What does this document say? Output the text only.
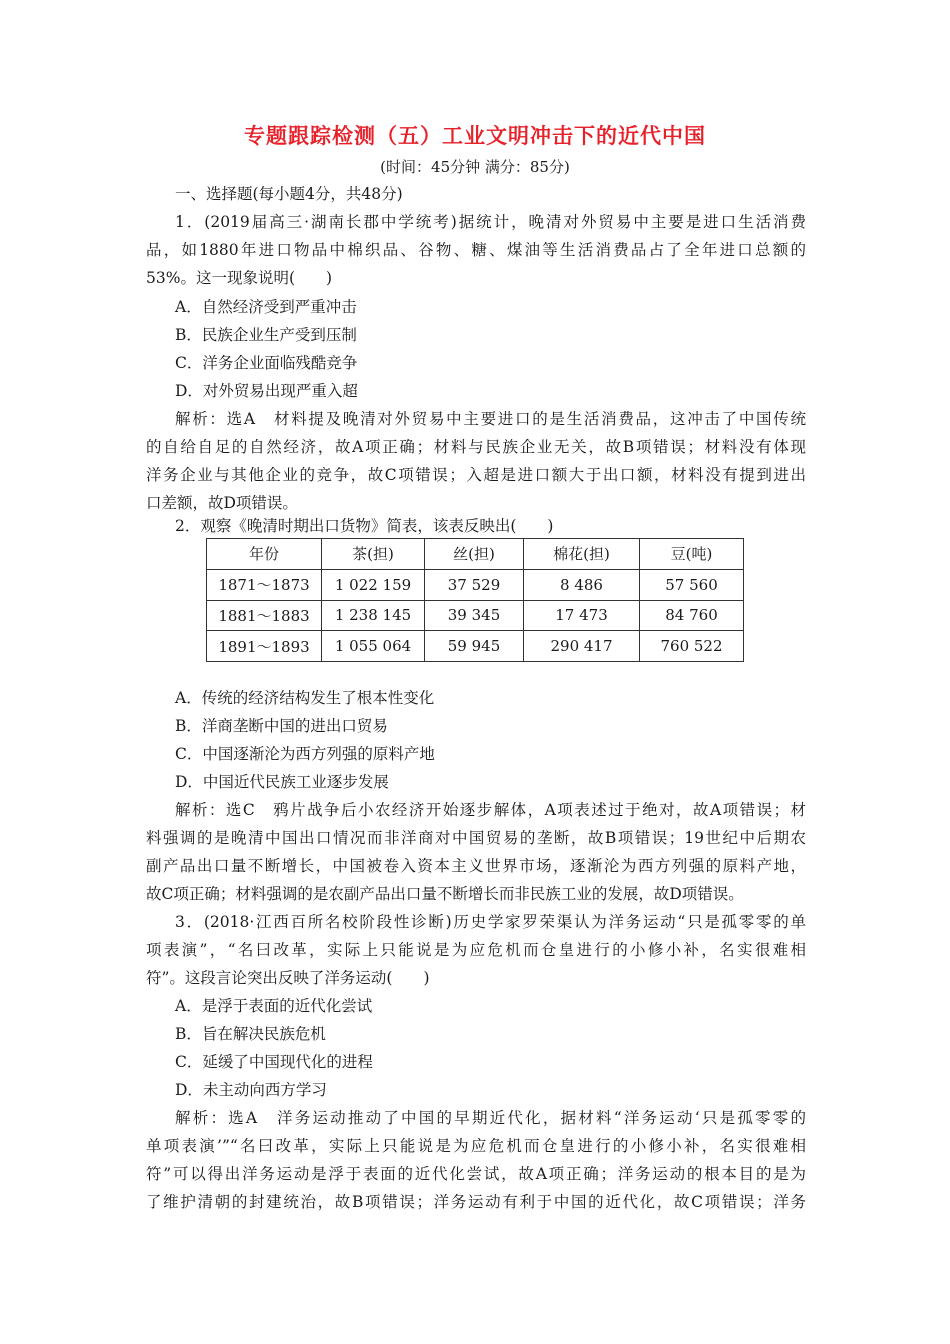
专题跟踪检测（五）工业文明冲击下的近代中国
(时间：45分钟 满分：85分)
一、选择题(每小题4分，共48分)
1．(2019届高三·湖南长郡中学统考)据统计，晚清对外贸易中主要是进口生活消费
品，如1880年进口物品中棉织品、谷物、糖、煤油等生活消费品占了全年进口总额的
53%。这一现象说明(　　)
A．自然经济受到严重冲击
B．民族企业生产受到压制
C．洋务企业面临残酷竞争
D．对外贸易出现严重入超
解析：选A　材料提及晚清对外贸易中主要进口的是生活消费品，这冲击了中国传统
的自给自足的自然经济，故A项正确；材料与民族企业无关，故B项错误；材料没有体现
洋务企业与其他企业的竞争，故C项错误；入超是进口额大于出口额，材料没有提到进出
口差额，故D项错误。
2．观察《晚清时期出口货物》简表，该表反映出(　　)
年份	茶(担)	丝(担)	棉花(担)	豆(吨)
1871～1873	1 022 159	37 529	8 486	57 560
1881～1883	1 238 145	39 345	17 473	84 760
1891～1893	1 055 064	59 945	290 417	760 522
A．传统的经济结构发生了根本性变化
B．洋商垄断中国的进出口贸易
C．中国逐渐沦为西方列强的原料产地
D．中国近代民族工业逐步发展
解析：选C　鸦片战争后小农经济开始逐步解体，A项表述过于绝对，故A项错误；材
料强调的是晚清中国出口情况而非洋商对中国贸易的垄断，故B项错误；19世纪中后期农
副产品出口量不断增长，中国被卷入资本主义世界市场，逐渐沦为西方列强的原料产地，
故C项正确；材料强调的是农副产品出口量不断增长而非民族工业的发展，故D项错误。
3．(2018·江西百所名校阶段性诊断)历史学家罗荣渠认为洋务运动“只是孤零零的单
项表演”，“名曰改革，实际上只能说是为应危机而仓皇进行的小修小补，名实很难相
符”。这段言论突出反映了洋务运动(　　)
A．是浮于表面的近代化尝试
B．旨在解决民族危机
C．延缓了中国现代化的进程
D．未主动向西方学习
解析：选A　洋务运动推动了中国的早期近代化，据材料“洋务运动‘只是孤零零的
单项表演’”“名曰改革，实际上只能说是为应危机而仓皇进行的小修小补，名实很难相
符”可以得出洋务运动是浮于表面的近代化尝试，故A项正确；洋务运动的根本目的是为
了维护清朝的封建统治，故B项错误；洋务运动有利于中国的近代化，故C项错误；洋务
